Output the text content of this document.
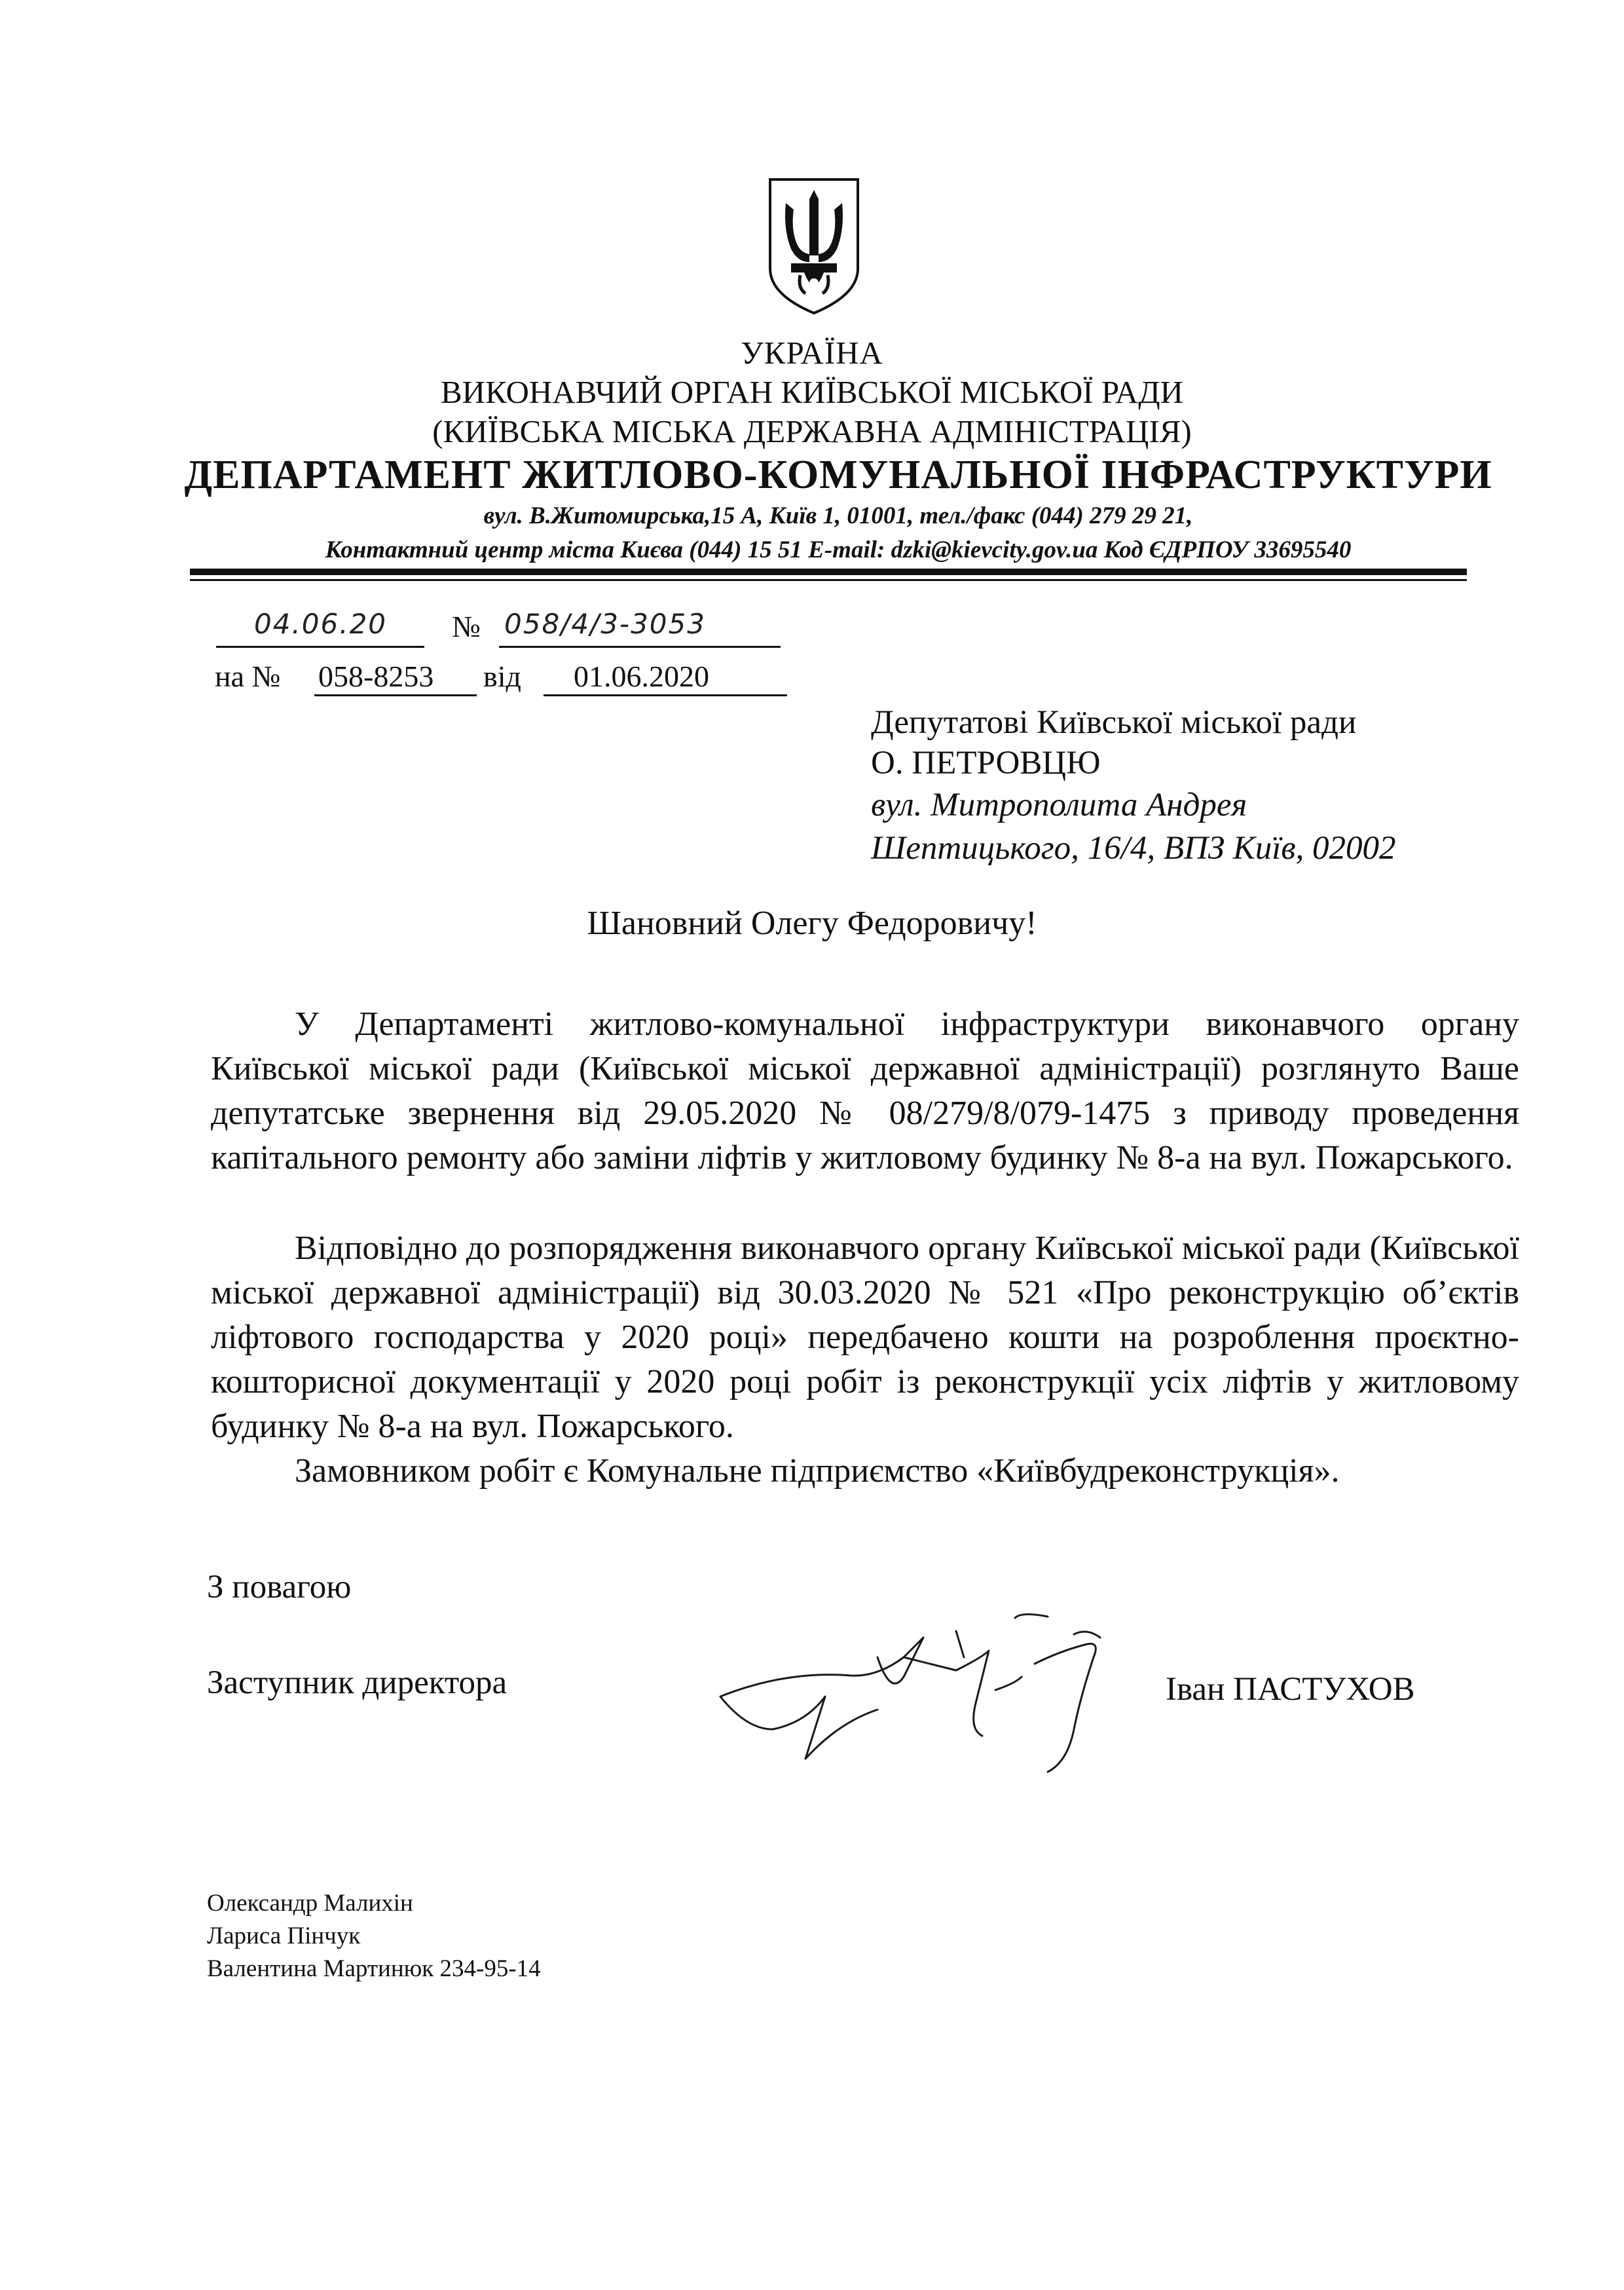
УКРАЇНА
ВИКОНАВЧИЙ ОРГАН КИЇВСЬКОЇ МІСЬКОЇ РАДИ
(КИЇВСЬКА МІСЬКА ДЕРЖАВНА АДМІНІСТРАЦІЯ)
ДЕПАРТАМЕНТ ЖИТЛОВО-КОМУНАЛЬНОЇ ІНФРАСТРУКТУРИ
вул. В.Житомирська,15 А, Київ 1, 01001, тел./факс (044) 279 29 21,
Контактний центр міста Києва (044) 15 51 E-mail: dzki@kievcity.gov.ua Код ЄДРПОУ 33695540
04.06.20 № 058/4/3-3053
на № 058-8253 від 01.06.2020
Депутатові Київської міської ради
О. ПЕТРОВЦЮ
вул. Митрополита Андрея
Шептицького, 16/4, ВПЗ Київ, 02002
Шановний Олегу Федоровичу!
У Департаменті житлово-комунальної інфраструктури виконавчого органу Київської міської ради (Київської міської державної адміністрації) розглянуто Ваше депутатське звернення від 29.05.2020 № 08/279/8/079-1475 з приводу проведення капітального ремонту або заміни ліфтів у житловому будинку № 8-а на вул. Пожарського.
Відповідно до розпорядження виконавчого органу Київської міської ради (Київської міської державної адміністрації) від 30.03.2020 № 521 «Про реконструкцію об’єктів ліфтового господарства у 2020 році» передбачено кошти на розроблення проєктно-кошторисної документації у 2020 році робіт із реконструкції усіх ліфтів у житловому будинку № 8-а на вул. Пожарського.
Замовником робіт є Комунальне підприємство «Київбудреконструкція».
З повагою
Заступник директора	Іван ПАСТУХОВ
Олександр Малихін
Лариса Пінчук
Валентина Мартинюк 234-95-14
